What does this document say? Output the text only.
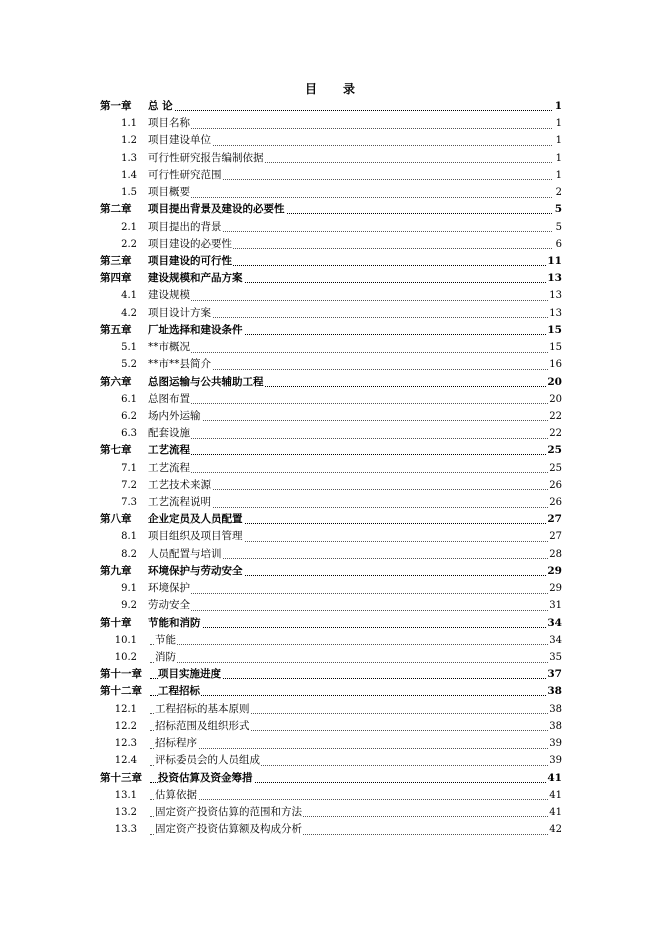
目 录
第一章 总 论	1
1.1 项目名称	1
1.2 项目建设单位	1
1.3 可行性研究报告编制依据	1
1.4 可行性研究范围	1
1.5 项目概要	2
第二章 项目提出背景及建设的必要性	5
2.1 项目提出的背景	5
2.2 项目建设的必要性	6
第三章 项目建设的可行性	11
第四章 建设规模和产品方案	13
4.1 建设规模	13
4.2 项目设计方案	13
第五章 厂址选择和建设条件	15
5.1 **市概况	15
5.2 **市**县简介	16
第六章 总图运输与公共辅助工程	20
6.1 总图布置	20
6.2 场内外运输	22
6.3 配套设施	22
第七章 工艺流程	25
7.1 工艺流程	25
7.2 工艺技术来源	26
7.3 工艺流程说明	26
第八章 企业定员及人员配置	27
8.1 项目组织及项目管理	27
8.2 人员配置与培训	28
第九章 环境保护与劳动安全	29
9.1 环境保护	29
9.2 劳动安全	31
第十章 节能和消防	34
10.1 节能	34
10.2 消防	35
第十一章 项目实施进度	37
第十二章 工程招标	38
12.1 工程招标的基本原则	38
12.2 招标范围及组织形式	38
12.3 招标程序	39
12.4 评标委员会的人员组成	39
第十三章 投资估算及资金筹措	41
13.1 估算依据	41
13.2 固定资产投资估算的范围和方法	41
13.3 固定资产投资估算额及构成分析	42
